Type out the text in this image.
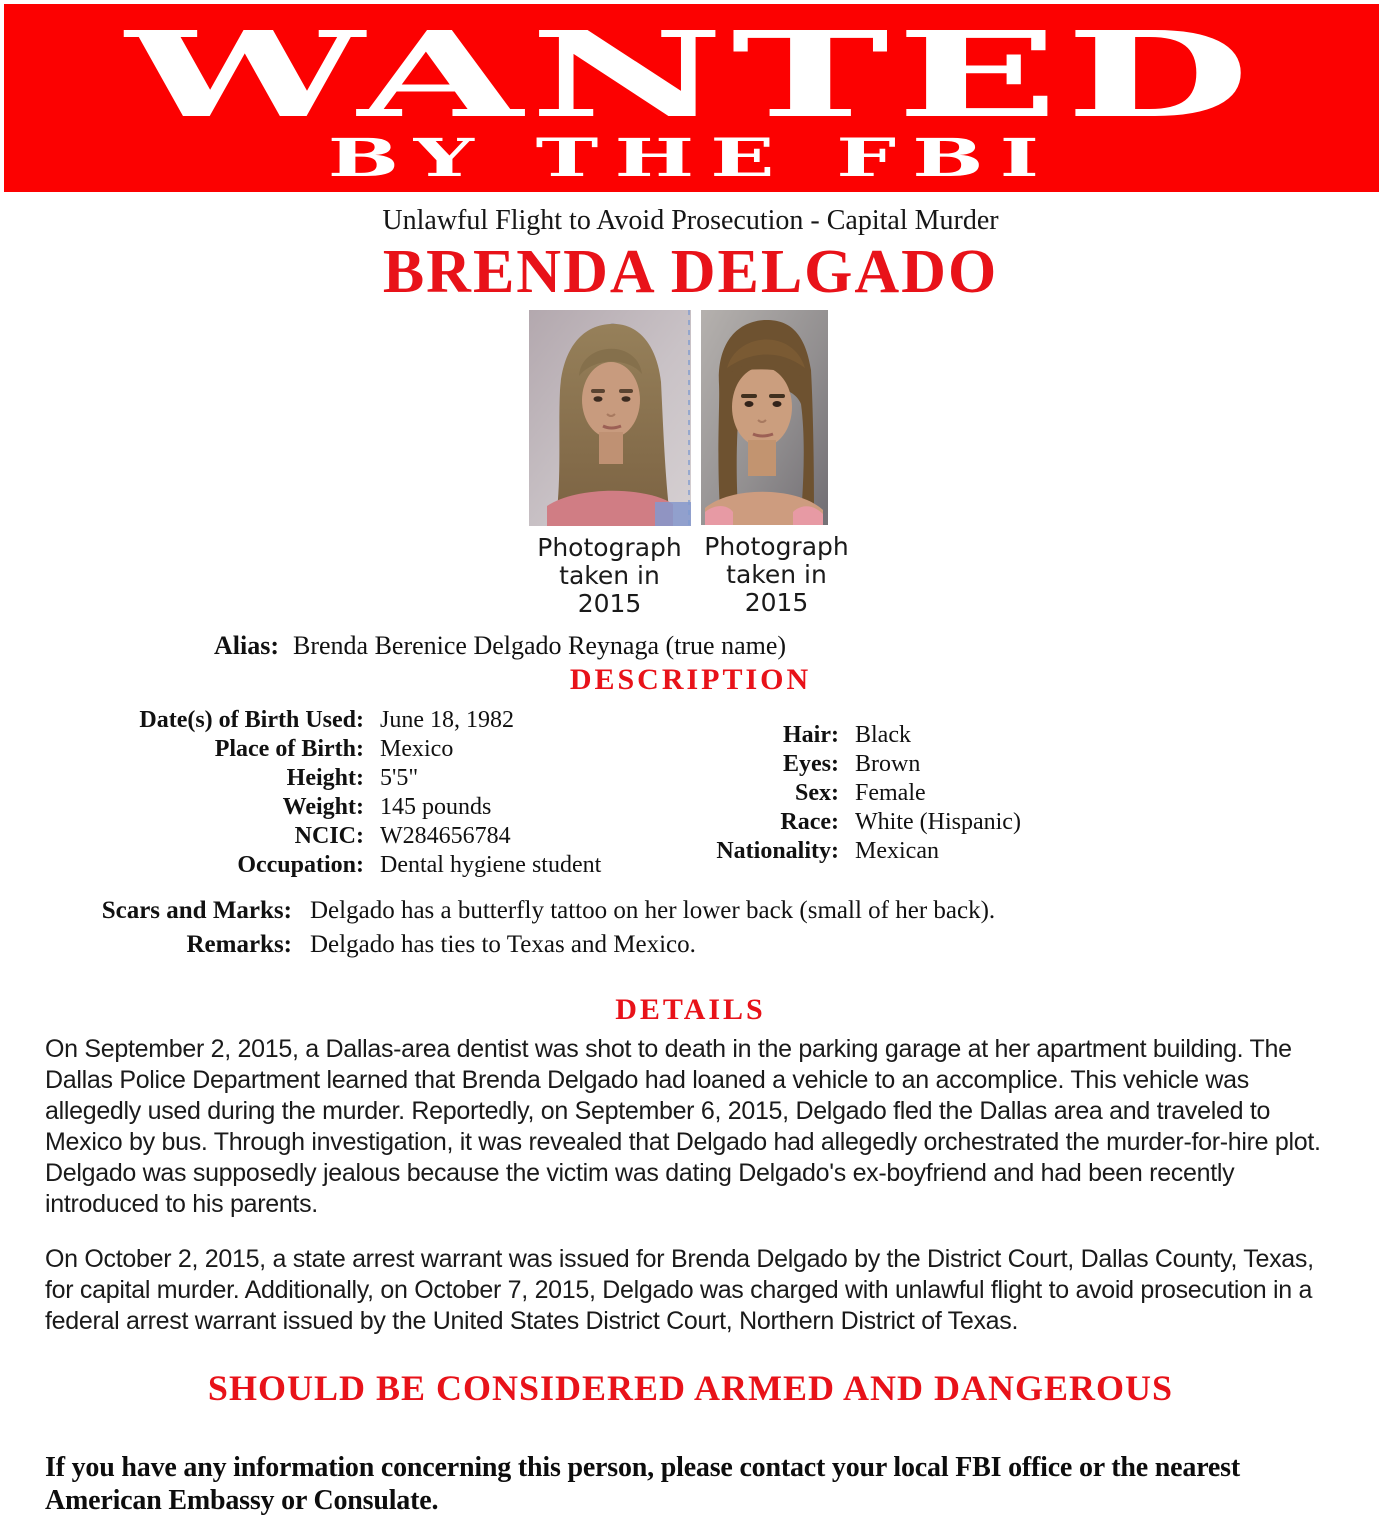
WANTED
BY THE FBI
Unlawful Flight to Avoid Prosecution - Capital Murder
BRENDA DELGADO
Photograph taken in 2015
Photograph taken in 2015
Alias: Brenda Berenice Delgado Reynaga (true name)
DESCRIPTION
Date(s) of Birth Used:	June 18, 1982
Place of Birth:	Mexico
Height:	5'5"
Weight:	145 pounds
NCIC:	W284656784
Occupation:	Dental hygiene student
Hair:	Black
Eyes:	Brown
Sex:	Female
Race:	White (Hispanic)
Nationality:	Mexican
Scars and Marks:	Delgado has a butterfly tattoo on her lower back (small of her back).
Remarks:	Delgado has ties to Texas and Mexico.
DETAILS

On September 2, 2015, a Dallas-area dentist was shot to death in the parking garage at her apartment building. The Dallas Police Department learned that Brenda Delgado had loaned a vehicle to an accomplice. This vehicle was allegedly used during the murder. Reportedly, on September 6, 2015, Delgado fled the Dallas area and traveled to Mexico by bus. Through investigation, it was revealed that Delgado had allegedly orchestrated the murder-for-hire plot. Delgado was supposedly jealous because the victim was dating Delgado's ex-boyfriend and had been recently introduced to his parents.

On October 2, 2015, a state arrest warrant was issued for Brenda Delgado by the District Court, Dallas County, Texas, for capital murder. Additionally, on October 7, 2015, Delgado was charged with unlawful flight to avoid prosecution in a federal arrest warrant issued by the United States District Court, Northern District of Texas.

SHOULD BE CONSIDERED ARMED AND DANGEROUS

If you have any information concerning this person, please contact your local FBI office or the nearest American Embassy or Consulate.
